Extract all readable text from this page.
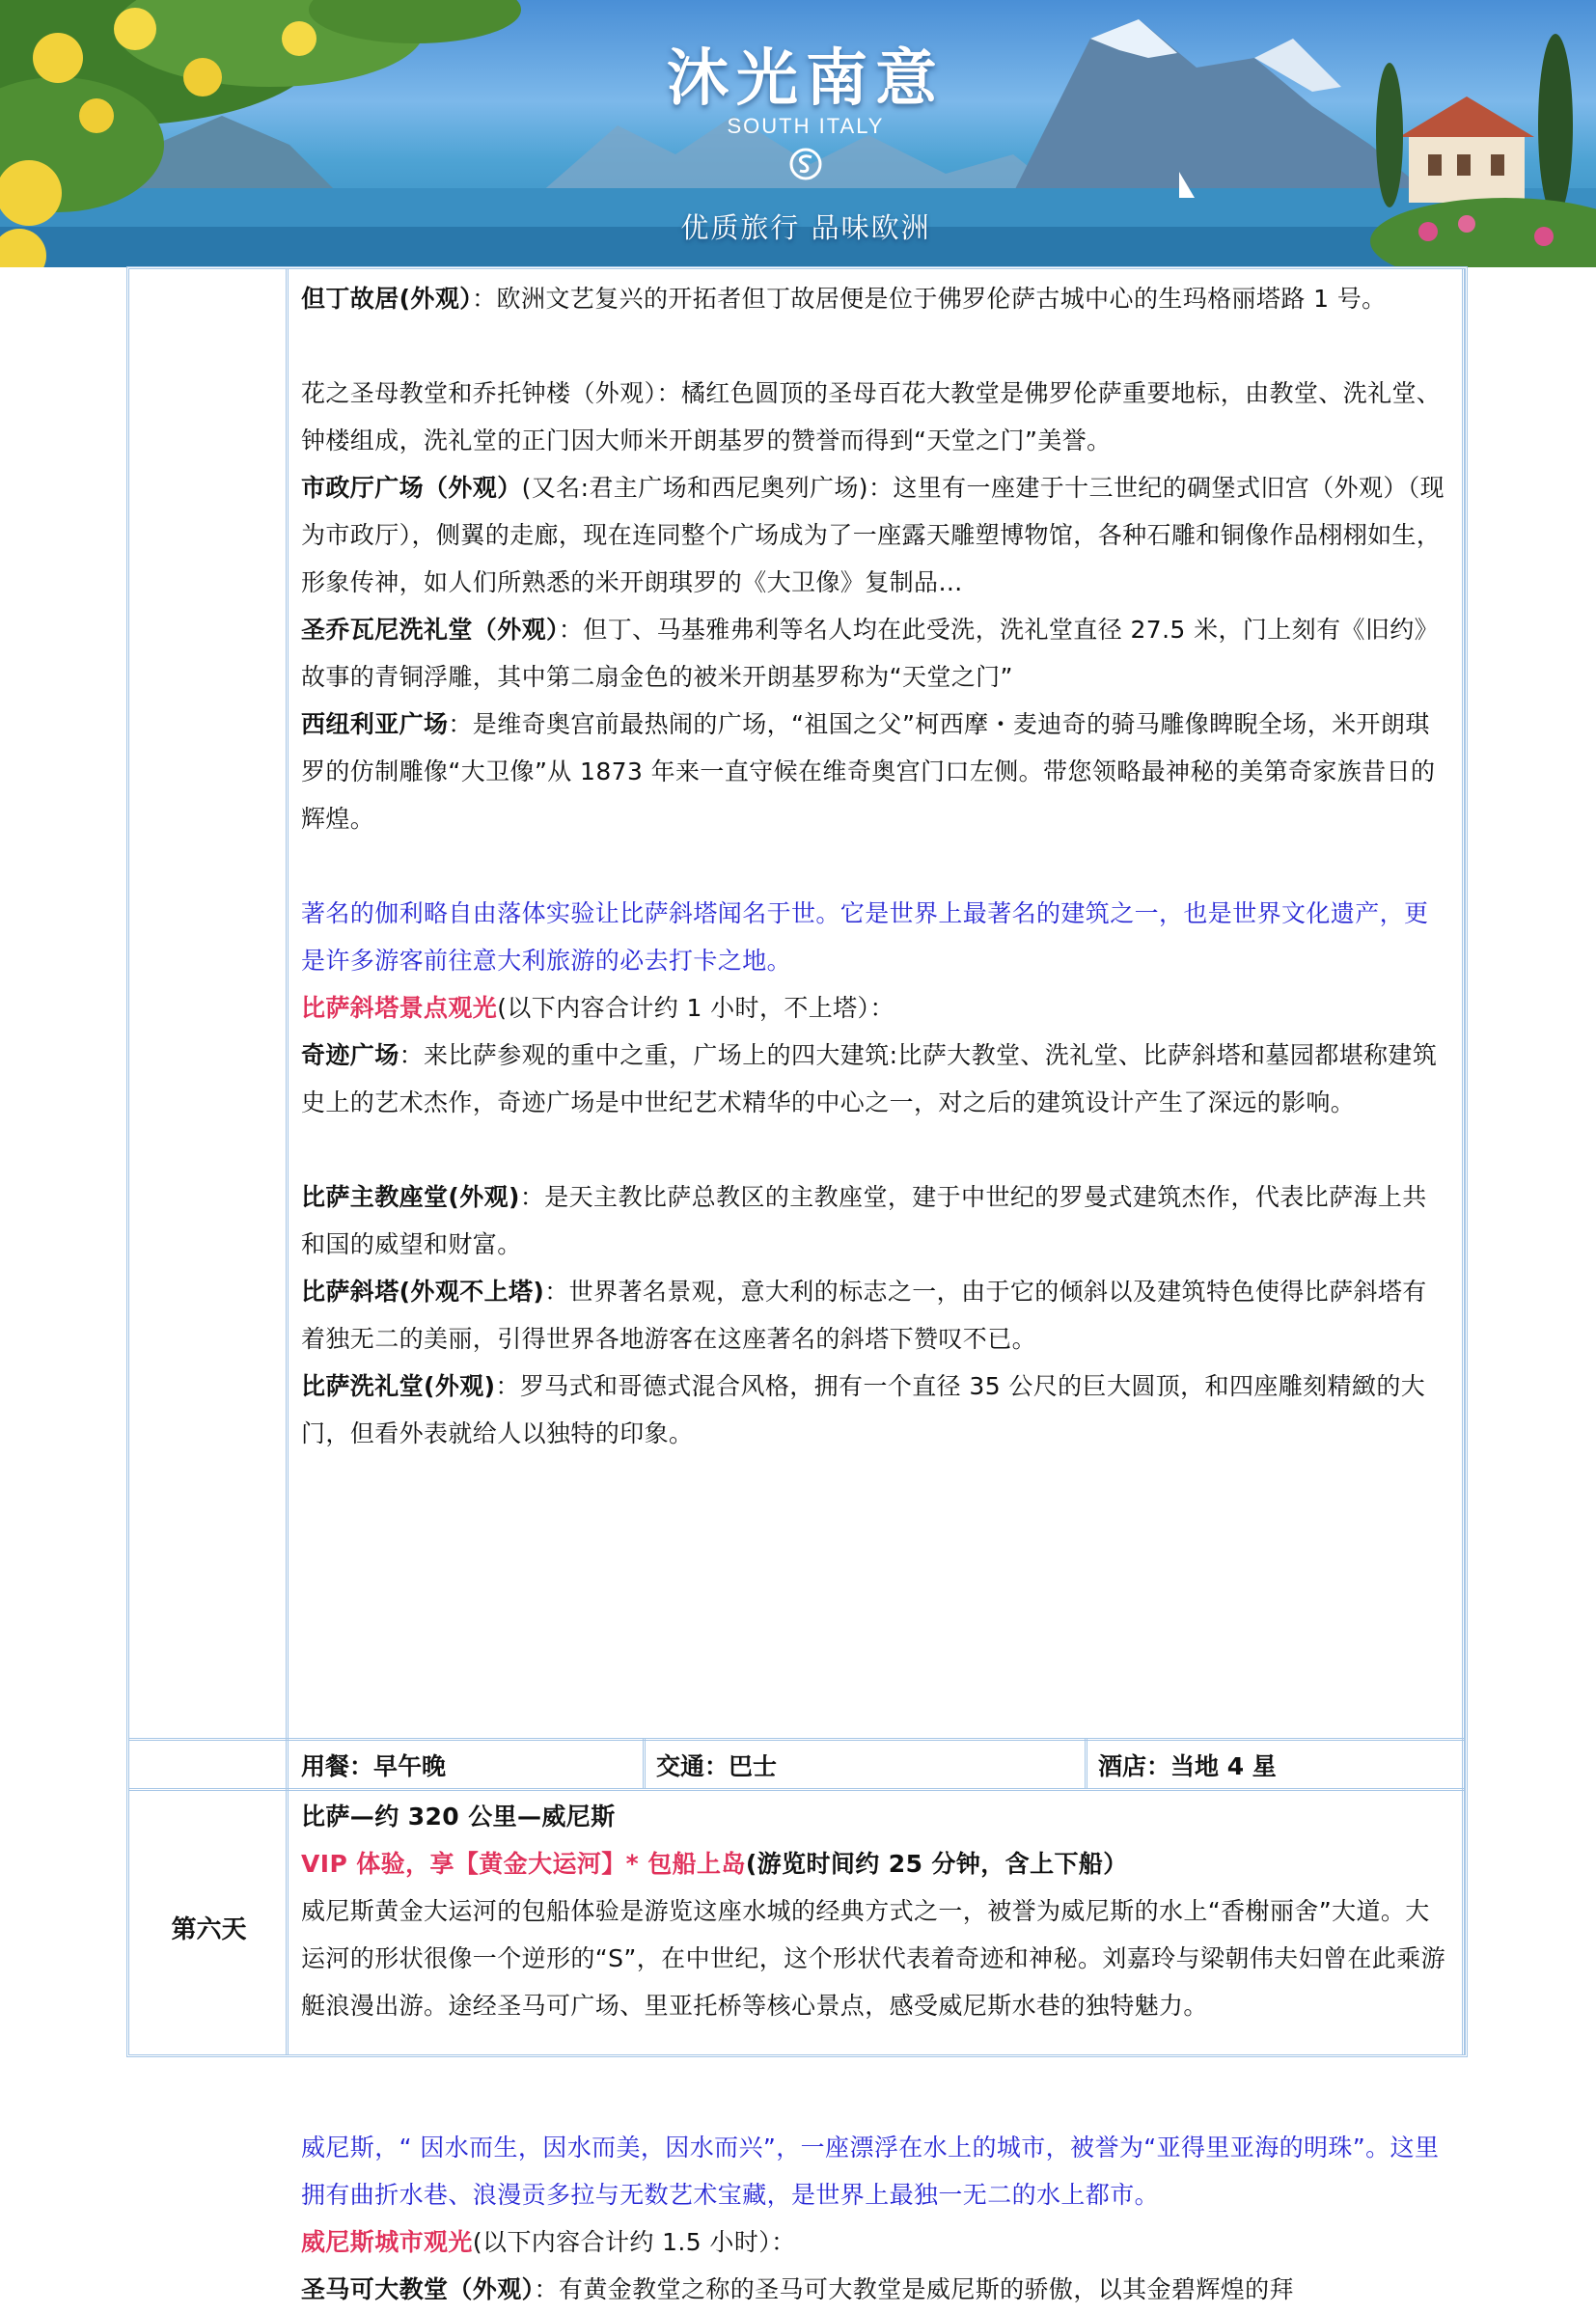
沐光南意
SOUTH ITALY
优质旅行 品味欧洲

但丁故居(外观）：欧洲文艺复兴的开拓者但丁故居便是位于佛罗伦萨古城中心的生玛格丽塔路 1 号。

花之圣母教堂和乔托钟楼（外观）：橘红色圆顶的圣母百花大教堂是佛罗伦萨重要地标，由教堂、洗礼堂、钟楼组成，洗礼堂的正门因大师米开朗基罗的赞誉而得到“天堂之门”美誉。

市政厅广场（外观）(又名:君主广场和西尼奥列广场)：这里有一座建于十三世纪的碉堡式旧宫（外观）（现为市政厅），侧翼的走廊，现在连同整个广场成为了一座露天雕塑博物馆，各种石雕和铜像作品栩栩如生，形象传神，如人们所熟悉的米开朗琪罗的《大卫像》复制品…

圣乔瓦尼洗礼堂（外观）：但丁、马基雅弗利等名人均在此受洗，洗礼堂直径 27.5 米，门上刻有《旧约》故事的青铜浮雕，其中第二扇金色的被米开朗基罗称为“天堂之门”

西纽利亚广场：是维奇奥宫前最热闹的广场，“祖国之父”柯西摩・麦迪奇的骑马雕像睥睨全场，米开朗琪罗的仿制雕像“大卫像”从 1873 年来一直守候在维奇奥宫门口左侧。带您领略最神秘的美第奇家族昔日的辉煌。

著名的伽利略自由落体实验让比萨斜塔闻名于世。它是世界上最著名的建筑之一，也是世界文化遗产，更是许多游客前往意大利旅游的必去打卡之地。

比萨斜塔景点观光(以下内容合计约 1 小时，不上塔）：

奇迹广场：来比萨参观的重中之重，广场上的四大建筑:比萨大教堂、洗礼堂、比萨斜塔和墓园都堪称建筑史上的艺术杰作，奇迹广场是中世纪艺术精华的中心之一，对之后的建筑设计产生了深远的影响。

比萨主教座堂(外观)：是天主教比萨总教区的主教座堂，建于中世纪的罗曼式建筑杰作，代表比萨海上共和国的威望和财富。

比萨斜塔(外观不上塔)：世界著名景观，意大利的标志之一，由于它的倾斜以及建筑特色使得比萨斜塔有着独无二的美丽，引得世界各地游客在这座著名的斜塔下赞叹不已。

比萨洗礼堂(外观)：罗马式和哥德式混合风格，拥有一个直径 35 公尺的巨大圆顶，和四座雕刻精緻的大门，但看外表就给人以独特的印象。

用餐：早午晚	交通：巴士	酒店：当地 4 星
第六天

比萨—约 320 公里—威尼斯

VIP 体验，享【黄金大运河】* 包船上岛(游览时间约 25 分钟，含上下船）

威尼斯黄金大运河的包船体验是游览这座水城的经典方式之一，被誉为威尼斯的水上“香榭丽舍”大道。大运河的形状很像一个逆形的“S”，在中世纪，这个形状代表着奇迹和神秘。刘嘉玲与梁朝伟夫妇曾在此乘游艇浪漫出游。途经圣马可广场、里亚托桥等核心景点，感受威尼斯水巷的独特魅力。

威尼斯，“ 因水而生，因水而美，因水而兴”，一座漂浮在水上的城市，被誉为“亚得里亚海的明珠”。这里拥有曲折水巷、浪漫贡多拉与无数艺术宝藏，是世界上最独一无二的水上都市。

威尼斯城市观光(以下内容合计约 1.5 小时）：

圣马可大教堂（外观）：有黄金教堂之称的圣马可大教堂是威尼斯的骄傲，以其金碧辉煌的拜
